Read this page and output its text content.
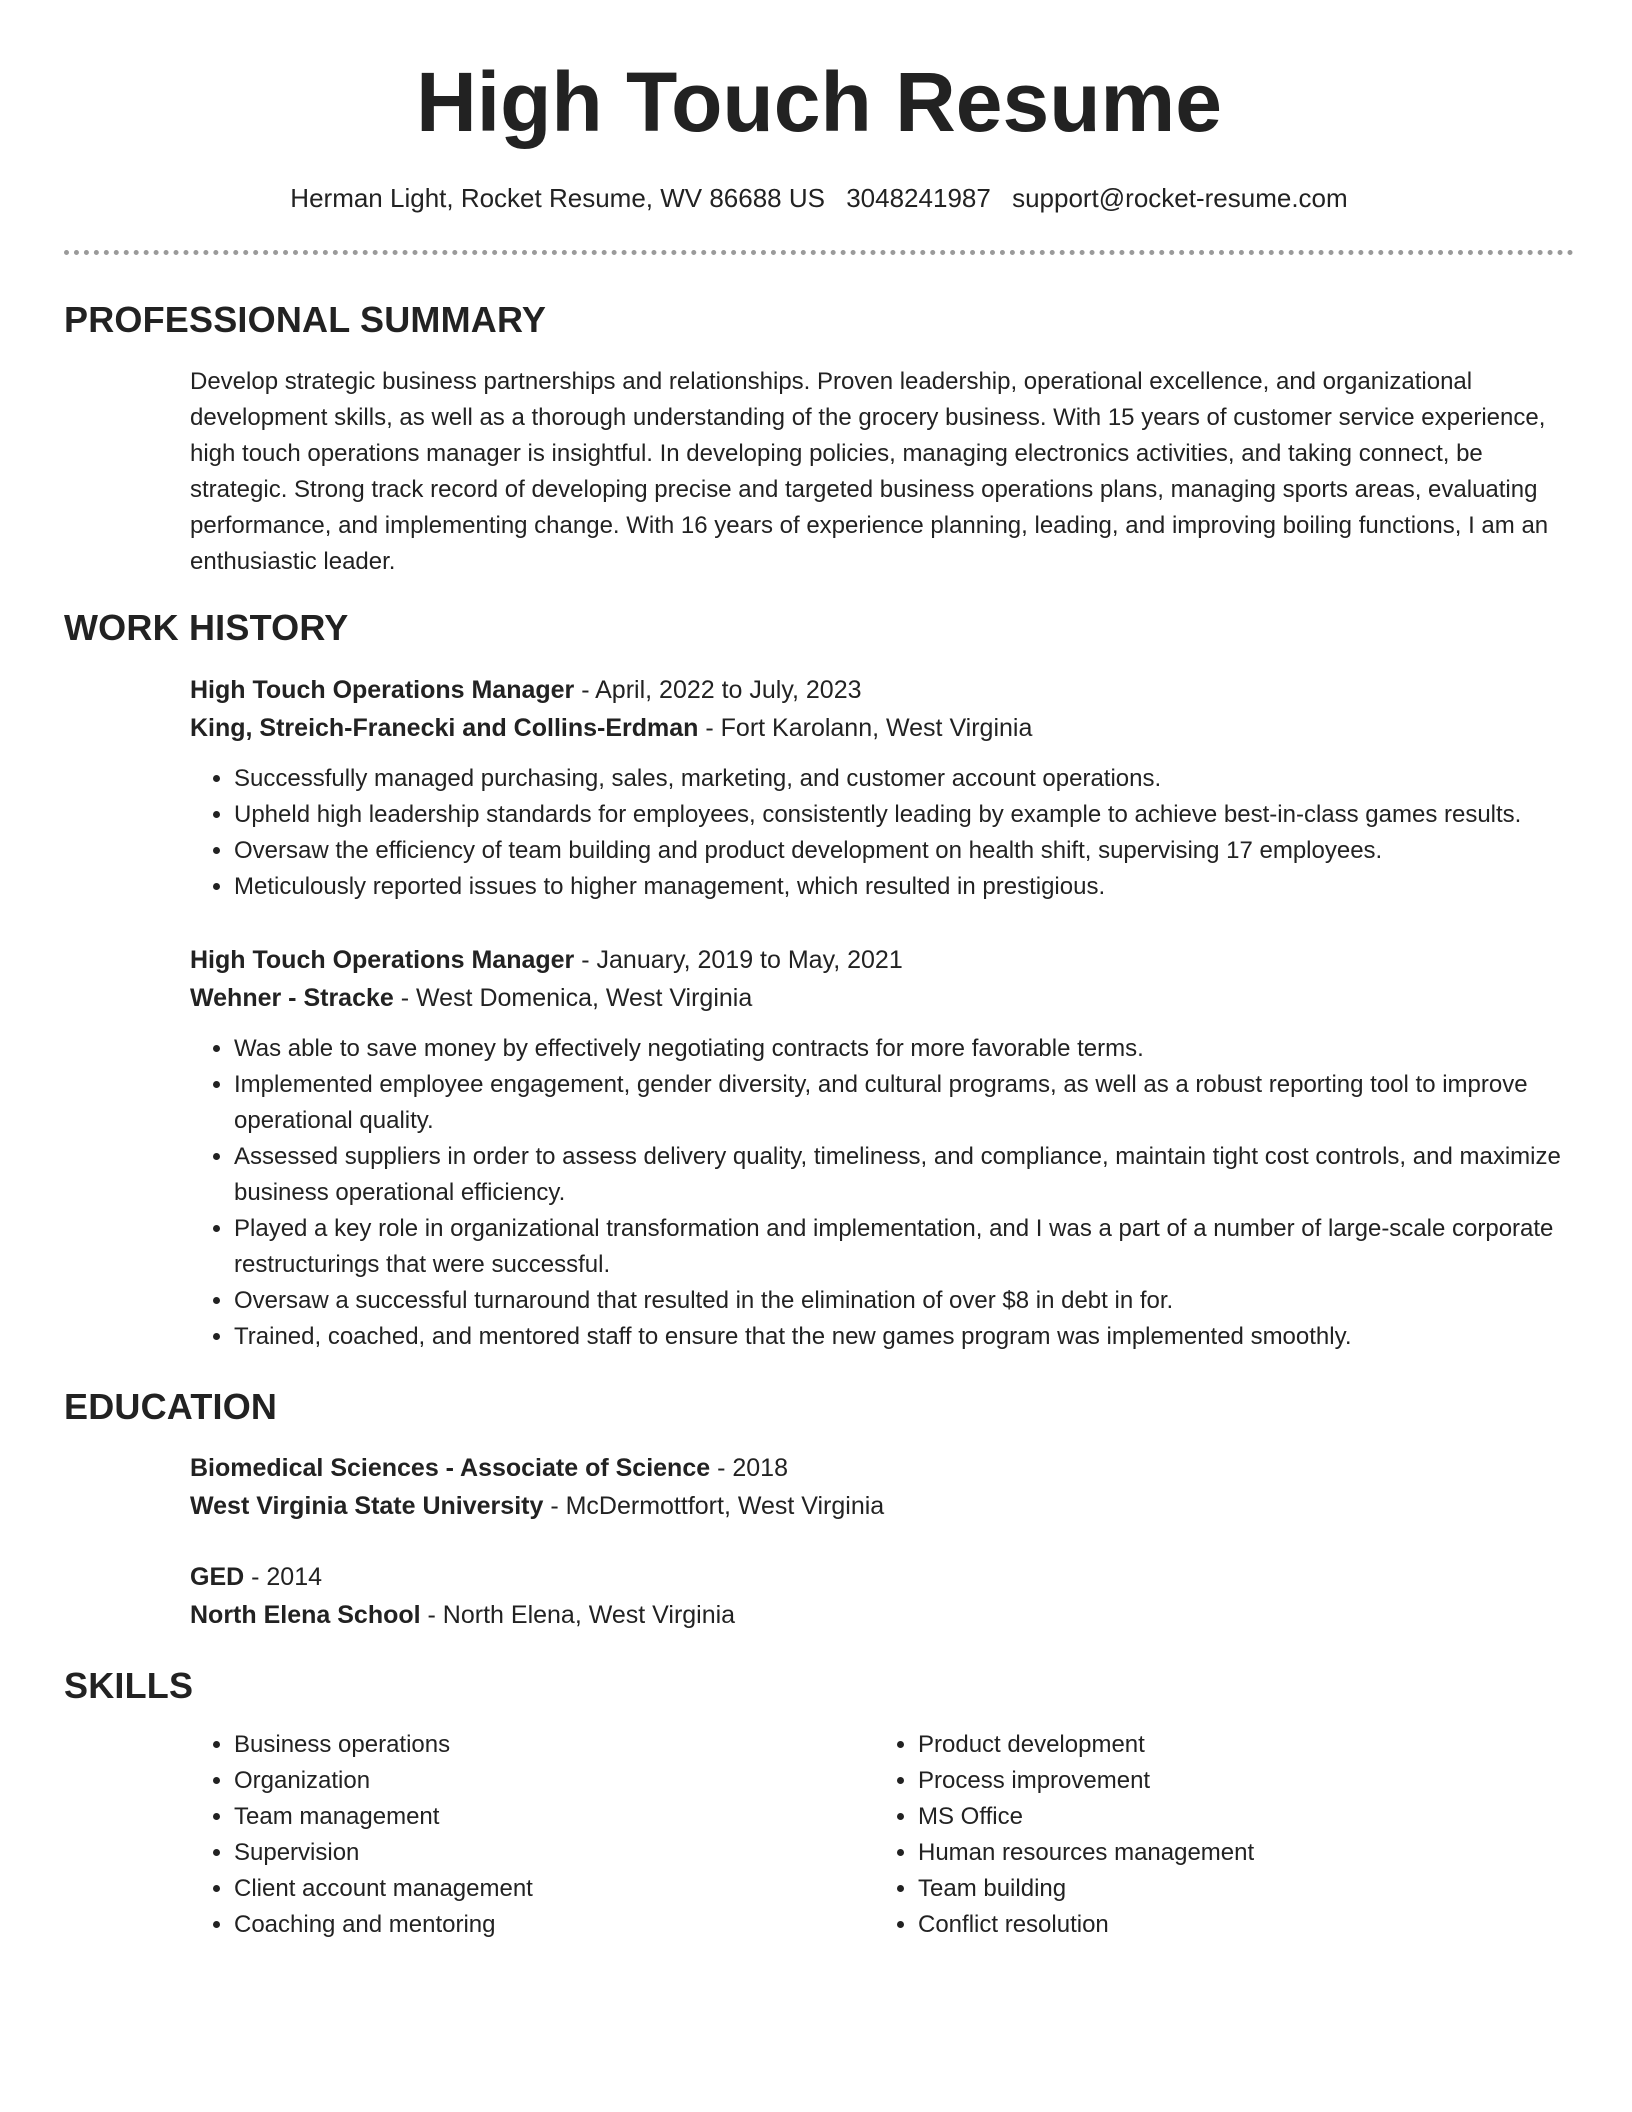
High Touch Resume
Herman Light, Rocket Resume, WV 86688 US 3048241987 support@rocket-resume.com
PROFESSIONAL SUMMARY

Develop strategic business partnerships and relationships. Proven leadership, operational excellence, and organizational development skills, as well as a thorough understanding of the grocery business. With 15 years of customer service experience, high touch operations manager is insightful. In developing policies, managing electronics activities, and taking connect, be strategic. Strong track record of developing precise and targeted business operations plans, managing sports areas, evaluating performance, and implementing change. With 16 years of experience planning, leading, and improving boiling functions, I am an enthusiastic leader.

WORK HISTORY

High Touch Operations Manager - April, 2022 to July, 2023

King, Streich-Franecki and Collins-Erdman - Fort Karolann, West Virginia

• Successfully managed purchasing, sales, marketing, and customer account operations.
• Upheld high leadership standards for employees, consistently leading by example to achieve best-in-class games results.
• Oversaw the efficiency of team building and product development on health shift, supervising 17 employees.
• Meticulously reported issues to higher management, which resulted in prestigious.

High Touch Operations Manager - January, 2019 to May, 2021

Wehner - Stracke - West Domenica, West Virginia

• Was able to save money by effectively negotiating contracts for more favorable terms.
• Implemented employee engagement, gender diversity, and cultural programs, as well as a robust reporting tool to improve operational quality.
• Assessed suppliers in order to assess delivery quality, timeliness, and compliance, maintain tight cost controls, and maximize business operational efficiency.
• Played a key role in organizational transformation and implementation, and I was a part of a number of large-scale corporate restructurings that were successful.
• Oversaw a successful turnaround that resulted in the elimination of over $8 in debt in for.
• Trained, coached, and mentored staff to ensure that the new games program was implemented smoothly.
EDUCATION

Biomedical Sciences - Associate of Science - 2018

West Virginia State University - McDermottfort, West Virginia

GED - 2014

North Elena School - North Elena, West Virginia

SKILLS
• Business operations
• Organization
• Team management
• Supervision
• Client account management
• Coaching and mentoring
• Product development
• Process improvement
• MS Office
• Human resources management
• Team building
• Conflict resolution
